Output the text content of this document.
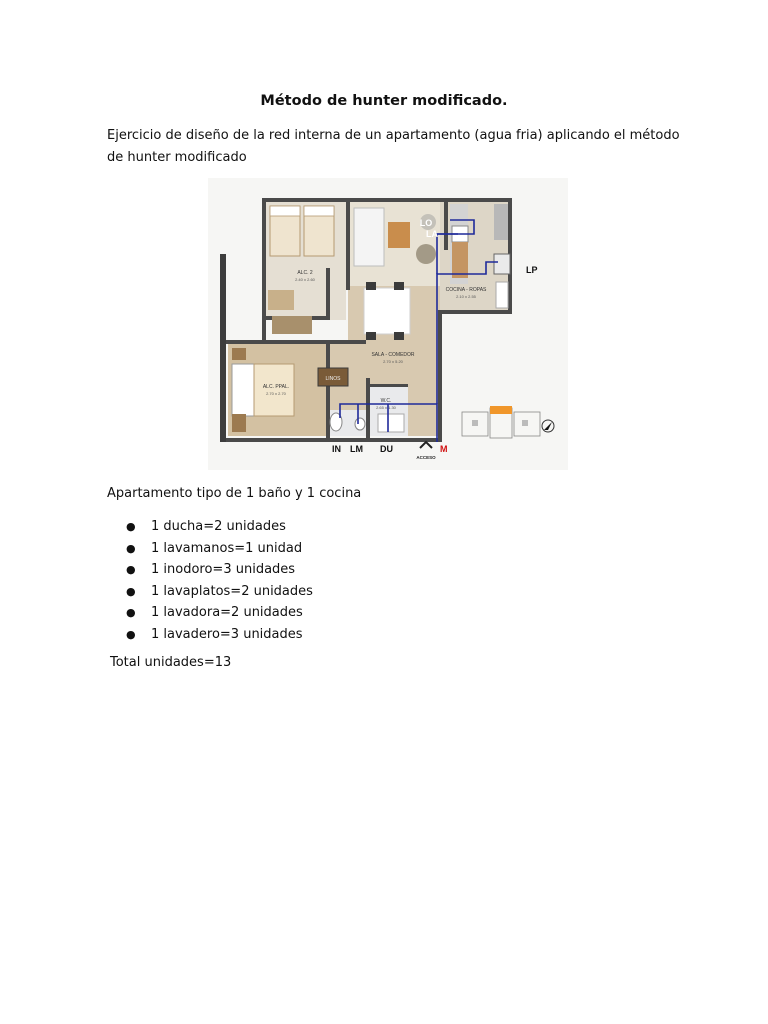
Método de hunter modificado.
Ejercicio de diseño de la red interna de un apartamento (agua fria) aplicando el método de hunter modificado
ALC. 2
2.40 x 2.60
SALA - COMEDOR
2.70 x 5.20
COCINA - ROPAS
2.10 x 2.55
ALC. PPAL.
2.70 x 2.70
LINOS
W.C.
2.65 x 1.30
LO
LA
LP
IN LM DU	M
ACCESO
Apartamento tipo de 1 baño y 1 cocina
● 1 ducha=2 unidades
● 1 lavamanos=1 unidad
● 1 inodoro=3 unidades
● 1 lavaplatos=2 unidades
● 1 lavadora=2 unidades
● 1 lavadero=3 unidades
Total unidades=13
